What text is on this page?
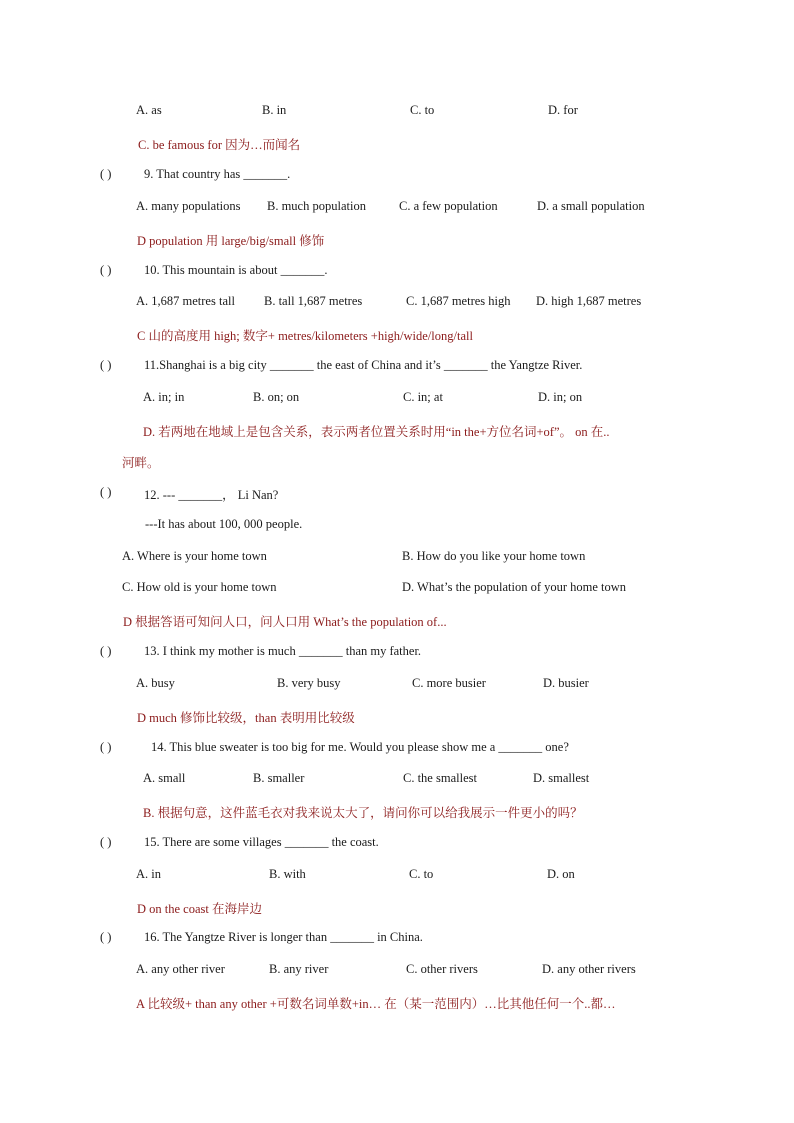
A. as	B. in	C. to	D. for
C. be famous for 因为…而闻名
( )	9. That country has _______.
A. many populations B. much population	C. a few population	D. a small population
D population 用 large/big/small 修饰
( )	10. This mountain is about _______.
A. 1,687 metres tall B. tall 1,687 metres	C. 1,687 metres high D. high 1,687 metres
C 山的高度用 high; 数字+ metres/kilometers +high/wide/long/tall
( )	11.Shanghai is a big city _______ the east of China and it’s _______ the Yangtze River.
A. in; in	B. on; on	C. in; at	D. in; on
D. 若两地在地域上是包含关系，表示两者位置关系时用“in the+方位名词+of”。 on 在..
河畔。
( )	12. --- _______， Li Nan?
---It has about 100, 000 people.
A. Where is your home town	B. How do you like your home town
C. How old is your home town	D. What’s the population of your home town
D 根据答语可知问人口，问人口用 What’s the population of...
( )	13. I think my mother is much _______ than my father.
A. busy	B. very busy	C. more busier	D. busier
D much 修饰比较级，than 表明用比较级
( )	14. This blue sweater is too big for me. Would you please show me a _______ one?
A. small	B. smaller	C. the smallest	D. smallest
B. 根据句意，这件蓝毛衣对我来说太大了，请问你可以给我展示一件更小的吗？
( )	15. There are some villages _______ the coast.
A. in	B. with	C. to	D. on
D on the coast 在海岸边
( )	16. The Yangtze River is longer than _______ in China.
A. any other river	B. any river	C. other rivers	D. any other rivers
A 比较级+ than any other +可数名词单数+in… 在（某一范围内）…比其他任何一个..都…
